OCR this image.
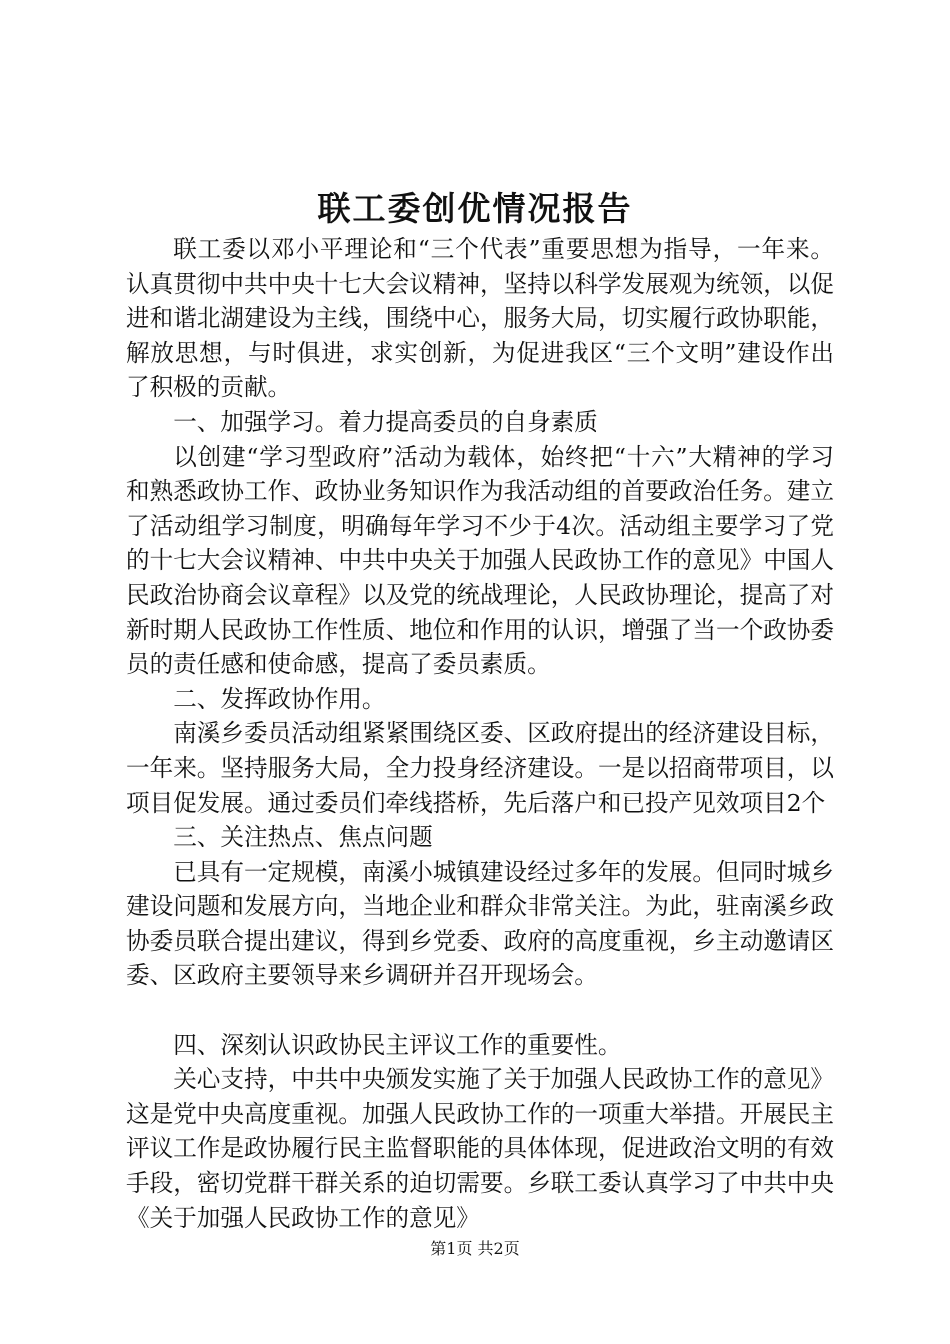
联工委创优情况报告

联工委以邓小平理论和“三个代表”重要思想为指导，一年来。认真贯彻中共中央十七大会议精神，坚持以科学发展观为统领，以促进和谐北湖建设为主线，围绕中心，服务大局，切实履行政协职能，解放思想，与时俱进，求实创新，为促进我区“三个文明”建设作出了积极的贡献。

一、加强学习。着力提高委员的自身素质

以创建“学习型政府”活动为载体，始终把“十六”大精神的学习和熟悉政协工作、政协业务知识作为我活动组的首要政治任务。建立了活动组学习制度，明确每年学习不少于4次。活动组主要学习了党的十七大会议精神、中共中央关于加强人民政协工作的意见》中国人民政治协商会议章程》以及党的统战理论，人民政协理论，提高了对新时期人民政协工作性质、地位和作用的认识，增强了当一个政协委员的责任感和使命感，提高了委员素质。

二、发挥政协作用。

南溪乡委员活动组紧紧围绕区委、区政府提出的经济建设目标，一年来。坚持服务大局，全力投身经济建设。一是以招商带项目，以项目促发展。通过委员们牵线搭桥，先后落户和已投产见效项目2个

三、关注热点、焦点问题

已具有一定规模，南溪小城镇建设经过多年的发展。但同时城乡建设问题和发展方向，当地企业和群众非常关注。为此，驻南溪乡政协委员联合提出建议，得到乡党委、政府的高度重视，乡主动邀请区委、区政府主要领导来乡调研并召开现场会。

四、深刻认识政协民主评议工作的重要性。

关心支持，中共中央颁发实施了关于加强人民政协工作的意见》这是党中央高度重视。加强人民政协工作的一项重大举措。开展民主评议工作是政协履行民主监督职能的具体体现，促进政治文明的有效手段，密切党群干群关系的迫切需要。乡联工委认真学习了中共中央《关于加强人民政协工作的意见》

第1页 共2页
